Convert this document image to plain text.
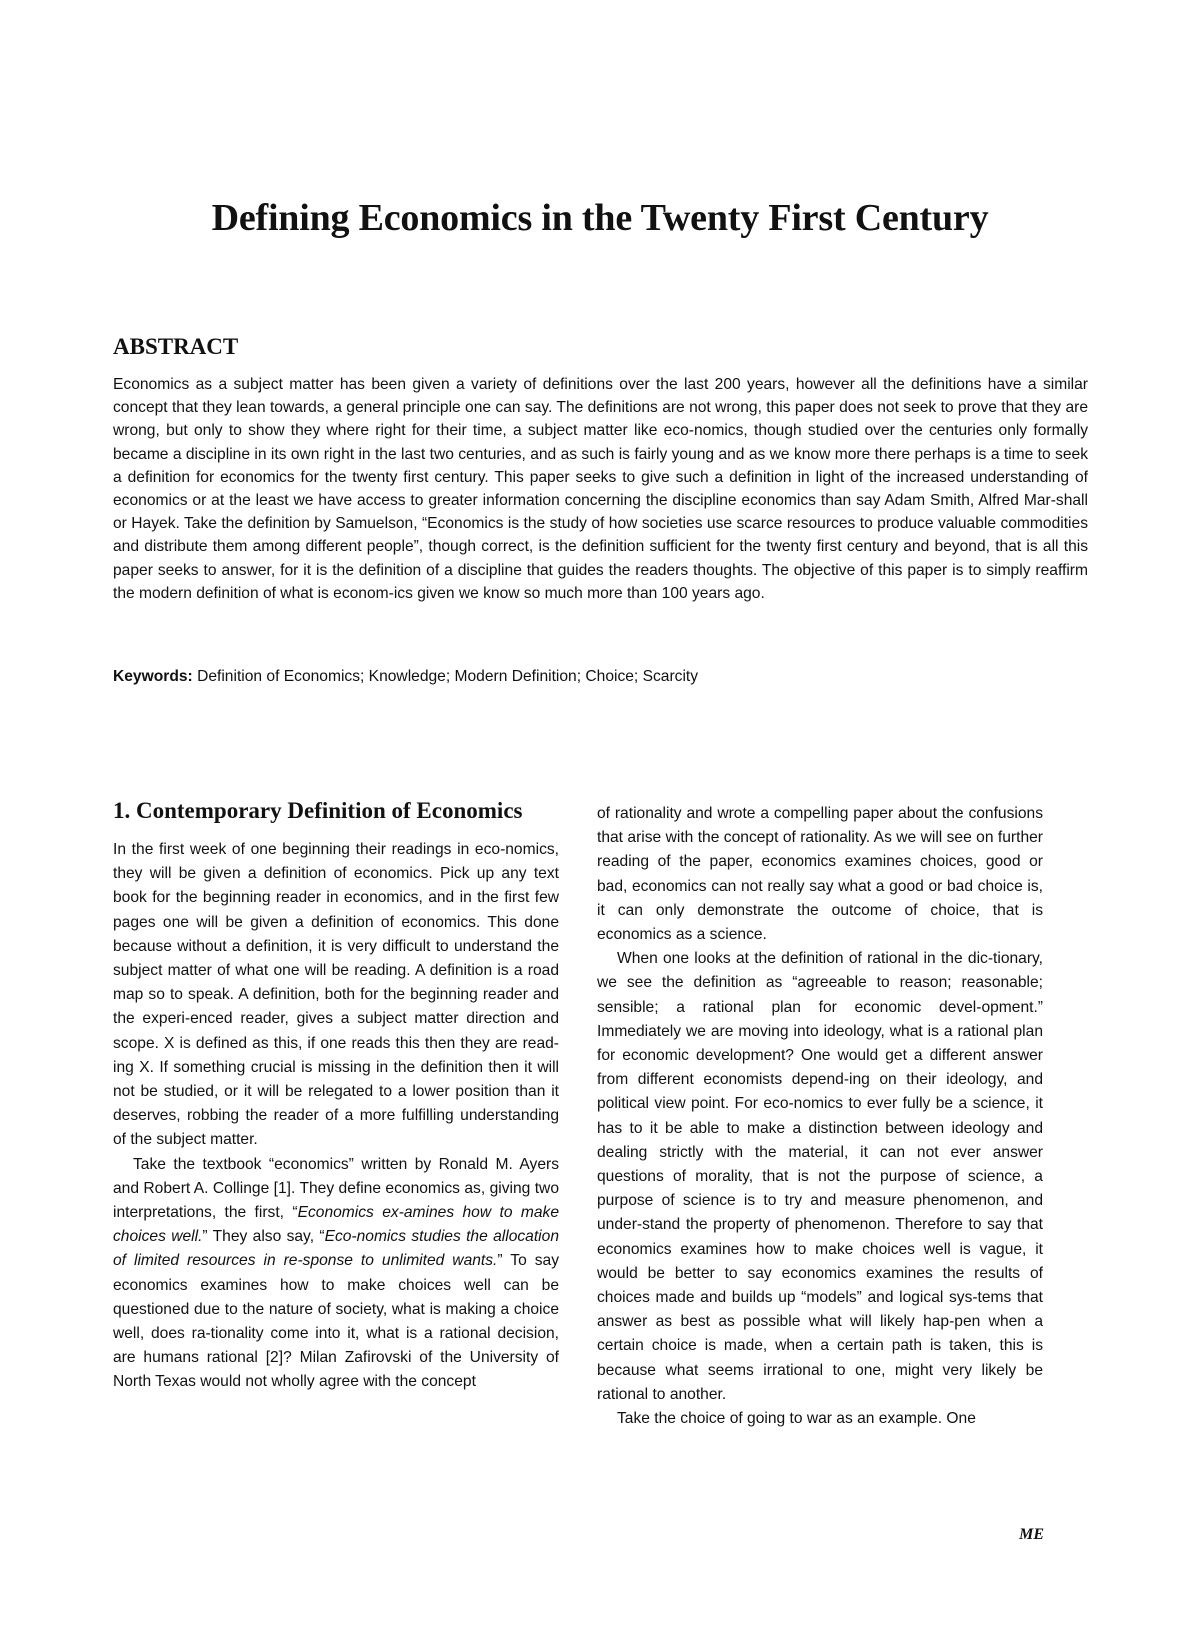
Defining Economics in the Twenty First Century
ABSTRACT

Economics as a subject matter has been given a variety of definitions over the last 200 years, however all the definitions have a similar concept that they lean towards, a general principle one can say. The definitions are not wrong, this paper does not seek to prove that they are wrong, but only to show they where right for their time, a subject matter like eco-nomics, though studied over the centuries only formally became a discipline in its own right in the last two centuries, and as such is fairly young and as we know more there perhaps is a time to seek a definition for economics for the twenty first century. This paper seeks to give such a definition in light of the increased understanding of economics or at the least we have access to greater information concerning the discipline economics than say Adam Smith, Alfred Mar-shall or Hayek. Take the definition by Samuelson, “Economics is the study of how societies use scarce resources to produce valuable commodities and distribute them among different people”, though correct, is the definition sufficient for the twenty first century and beyond, that is all this paper seeks to answer, for it is the definition of a discipline that guides the readers thoughts. The objective of this paper is to simply reaffirm the modern definition of what is econom-ics given we know so much more than 100 years ago.

Keywords: Definition of Economics; Knowledge; Modern Definition; Choice; Scarcity

1. Contemporary Definition of Economics

In the first week of one beginning their readings in eco-nomics, they will be given a definition of economics. Pick up any text book for the beginning reader in economics, and in the first few pages one will be given a definition of economics. This done because without a definition, it is very difficult to understand the subject matter of what one will be reading. A definition is a road map so to speak. A definition, both for the beginning reader and the experi-enced reader, gives a subject matter direction and scope. X is defined as this, if one reads this then they are read-ing X. If something crucial is missing in the definition then it will not be studied, or it will be relegated to a lower position than it deserves, robbing the reader of a more fulfilling understanding of the subject matter.

Take the textbook “economics” written by Ronald M. Ayers and Robert A. Collinge [1]. They define economics as, giving two interpretations, the first, “Economics ex-amines how to make choices well.” They also say, “Eco-nomics studies the allocation of limited resources in re-sponse to unlimited wants.” To say economics examines how to make choices well can be questioned due to the nature of society, what is making a choice well, does ra-tionality come into it, what is a rational decision, are humans rational [2]? Milan Zafirovski of the University of North Texas would not wholly agree with the concept

of rationality and wrote a compelling paper about the confusions that arise with the concept of rationality. As we will see on further reading of the paper, economics examines choices, good or bad, economics can not really say what a good or bad choice is, it can only demonstrate the outcome of choice, that is economics as a science.

When one looks at the definition of rational in the dic-tionary, we see the definition as “agreeable to reason; reasonable; sensible; a rational plan for economic devel-opment.” Immediately we are moving into ideology, what is a rational plan for economic development? One would get a different answer from different economists depend-ing on their ideology, and political view point. For eco-nomics to ever fully be a science, it has to it be able to make a distinction between ideology and dealing strictly with the material, it can not ever answer questions of morality, that is not the purpose of science, a purpose of science is to try and measure phenomenon, and under-stand the property of phenomenon. Therefore to say that economics examines how to make choices well is vague, it would be better to say economics examines the results of choices made and builds up “models” and logical sys-tems that answer as best as possible what will likely hap-pen when a certain choice is made, when a certain path is taken, this is because what seems irrational to one, might very likely be rational to another.

Take the choice of going to war as an example. One

ME
